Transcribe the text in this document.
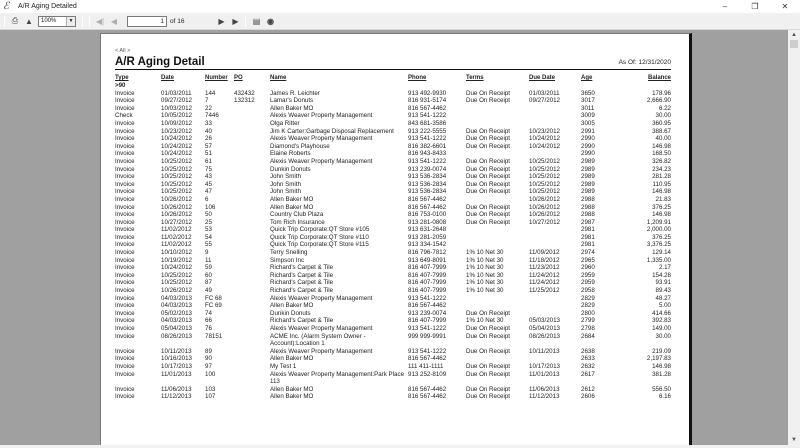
ℰ	A/R Aging Detailed	–	❐	✕
⎙ ▲ 100%	▼	◀​| ◀	1 of 16	▶ ▶ ▤ ◉
< All >
A/R Aging Detail	As Of: 12/31/2020
Type	Date	Number	PO	Name	Phone	Terms	Due Date	Age	Balance
>90									
Invoice	01/03/2011	144	432432	James R. Leichter	913 492-9930	Due On Receipt	01/03/2011	3650	178.96
Invoice	09/27/2012	7	132312	Lamar's Donuts	816 931-5174	Due On Receipt	09/27/2012	3017	2,666.90
Invoice	10/03/2012	22		Allen Baker MO	816 567-4462			3011	6.22
Check	10/05/2012	7446		Alexis Weaver Property Management	913 541-1222			3009	30.00
Invoice	10/09/2012	33		Olga Ritter	843 681-3586			3005	360.95
Invoice	10/23/2012	40		Jim K Carter:Garbage Disposal Replacement	913 222-5555	Due On Receipt	10/23/2012	2991	388.67
Invoice	10/24/2012	26		Alexis Weaver Property Management	913 541-1222	Due On Receipt	10/24/2012	2990	40.00
Invoice	10/24/2012	57		Diamond's Playhouse	816 382-6601	Due On Receipt	10/24/2012	2990	146.98
Invoice	10/24/2012	51		Elaine Roberts	816 943-8433			2990	168.50
Invoice	10/25/2012	61		Alexis Weaver Property Management	913 541-1222	Due On Receipt	10/25/2012	2989	326.82
Invoice	10/25/2012	75		Dunkin Donuts	913 239-0074	Due On Receipt	10/25/2012	2989	234.23
Invoice	10/25/2012	43		John Smith	913 536-2834	Due On Receipt	10/25/2012	2989	281.28
Invoice	10/25/2012	45		John Smith	913 536-2834	Due On Receipt	10/25/2012	2989	110.95
Invoice	10/25/2012	47		John Smith	913 536-2834	Due On Receipt	10/25/2012	2989	146.98
Invoice	10/26/2012	6		Allen Baker MO	816 567-4462		10/26/2012	2988	21.83
Invoice	10/26/2012	106		Allen Baker MO	816 567-4462	Due On Receipt	10/26/2012	2988	376.25
Invoice	10/26/2012	50		Country Club Plaza	816 753-0100	Due On Receipt	10/26/2012	2988	146.98
Invoice	10/27/2012	25		Tom Rich Insurance	913 281-0808	Due On Receipt	10/27/2012	2987	1,209.91
Invoice	11/02/2012	53		Quick Trip Corporate:QT Store #105	913 631-2648			2981	2,000.00
Invoice	11/02/2012	54		Quick Trip Corporate:QT Store #110	913 281-2059			2981	376.25
Invoice	11/02/2012	55		Quick Trip Corporate:QT Store #115	913 334-1542			2981	3,376.25
Invoice	10/10/2012	9		Terry Snelling	816 796-7812	1% 10 Net 30	11/09/2012	2974	129.14
Invoice	10/19/2012	11		Simpson Inc	913 649-8091	1% 10 Net 30	11/18/2012	2965	1,335.00
Invoice	10/24/2012	59		Richard's Carpet & Tile	816 407-7999	1% 10 Net 30	11/23/2012	2960	2.17
Invoice	10/25/2012	60		Richard's Carpet & Tile	816 407-7999	1% 10 Net 30	11/24/2012	2959	154.28
Invoice	10/25/2012	87		Richard's Carpet & Tile	816 407-7999	1% 10 Net 30	11/24/2012	2959	93.91
Invoice	10/26/2012	49		Richard's Carpet & Tile	816 407-7999	1% 10 Net 30	11/25/2012	2958	89.43
Invoice	04/03/2013	FC 68		Alexis Weaver Property Management	913 541-1222			2829	48.27
Invoice	04/03/2013	FC 69		Allen Baker MO	816 567-4462			2829	5.00
Invoice	05/02/2013	74		Dunkin Donuts	913 239-0074	Due On Receipt		2800	414.66
Invoice	04/03/2013	66		Richard's Carpet & Tile	816 407-7999	1% 10 Net 30	05/03/2013	2799	392.83
Invoice	05/04/2013	76		Alexis Weaver Property Management	913 541-1222	Due On Receipt	05/04/2013	2798	149.00
Invoice	08/26/2013	78151		ACME Inc. (Alarm System Owner - Account):Location 1	999 999-9991	Due On Receipt	08/26/2013	2684	30.00
Invoice	10/11/2013	89		Alexis Weaver Property Management	913 541-1222	Due On Receipt	10/11/2013	2638	219.09
Invoice	10/16/2013	90		Allen Baker MO	816 567-4462			2633	2,197.83
Invoice	10/17/2013	97		My Test 1	111 411-1111	Due On Receipt	10/17/2013	2632	146.98
Invoice	11/01/2013	100		Alexis Weaver Property Management:Park Place 113	913 252-8109	Due On Receipt	11/01/2013	2617	381.28
Invoice	11/06/2013	103		Allen Baker MO	816 567-4462	Due On Receipt	11/06/2013	2612	556.50
Invoice	11/12/2013	107		Allen Baker MO	816 567-4462	Due On Receipt	11/12/2013	2606	6.16
▲
▼
